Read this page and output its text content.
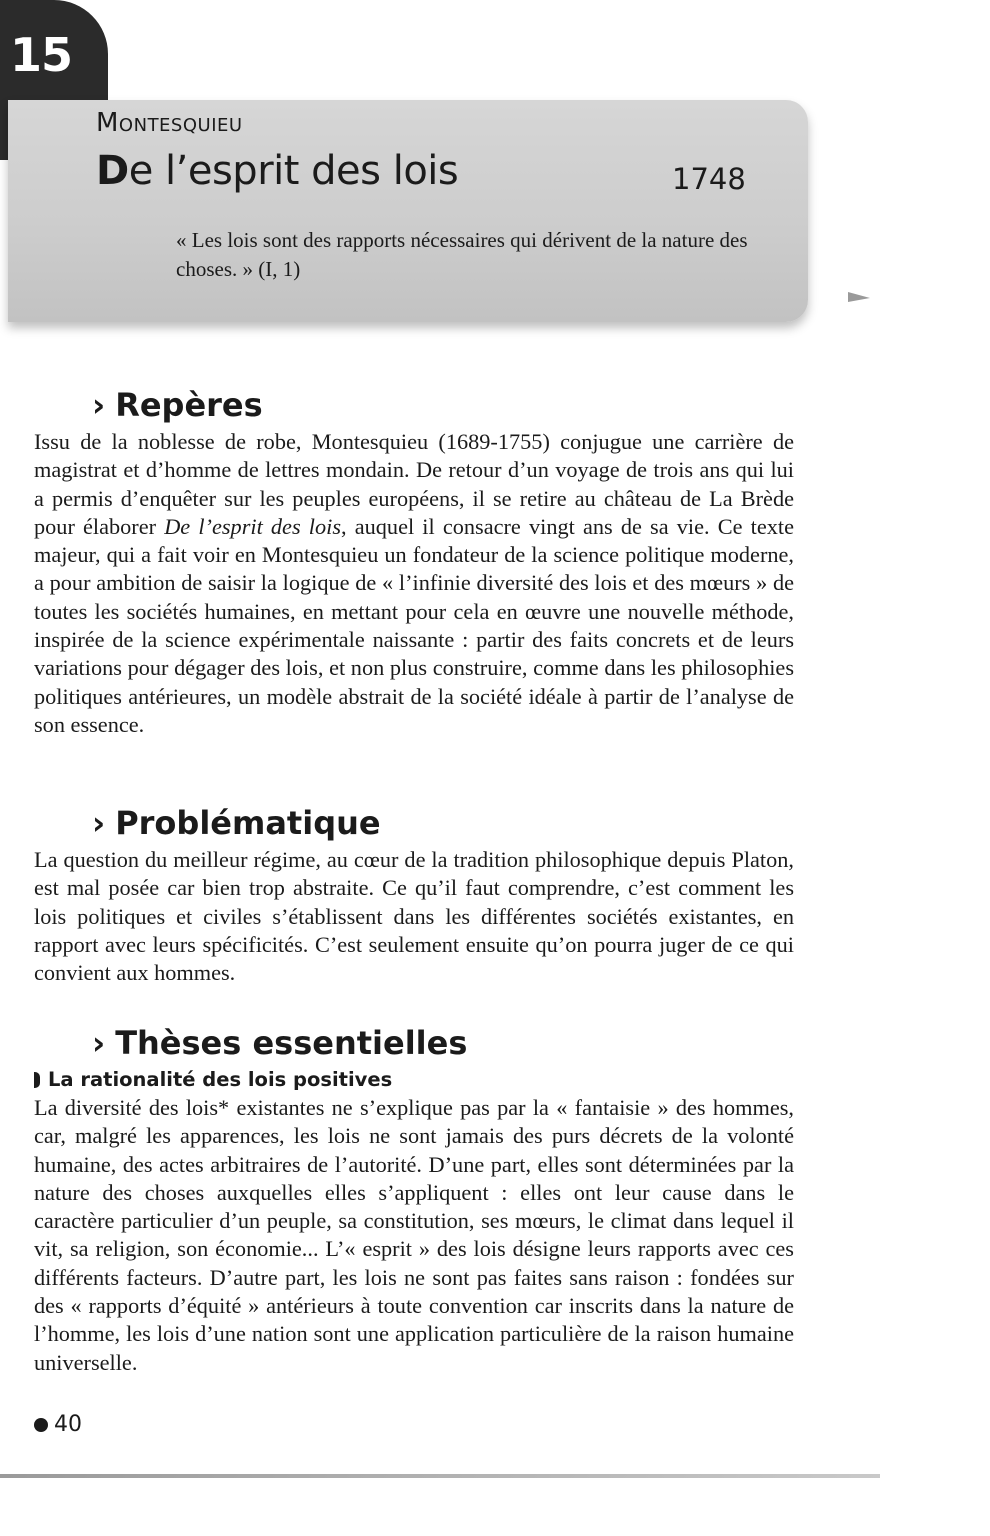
15
Montesquieu
De l’esprit des lois	1748
« Les lois sont des rapports nécessaires qui dérivent de la nature des choses. » (I, 1)
› Repères

Issu de la noblesse de robe, Montesquieu (1689-1755) conjugue une carrière de magistrat et d’homme de lettres mondain. De retour d’un voyage de trois ans qui lui a permis d’enquêter sur les peuples européens, il se retire au château de La Brède pour élaborer De l’esprit des lois, auquel il consacre vingt ans de sa vie. Ce texte majeur, qui a fait voir en Montesquieu un fondateur de la science politique moderne, a pour ambition de saisir la logique de « l’infinie diversité des lois et des mœurs » de toutes les sociétés humaines, en mettant pour cela en œuvre une nouvelle méthode, inspirée de la science expérimentale naissante : partir des faits concrets et de leurs variations pour dégager des lois, et non plus construire, comme dans les philosophies politiques antérieures, un modèle abstrait de la société idéale à partir de l’analyse de son essence.

› Problématique

La question du meilleur régime, au cœur de la tradition philosophique depuis Platon, est mal posée car bien trop abstraite. Ce qu’il faut comprendre, c’est comment les lois politiques et civiles s’établissent dans les différentes sociétés existantes, en rapport avec leurs spécificités. C’est seulement ensuite qu’on pourra juger de ce qui convient aux hommes.

› Thèses essentielles
La rationalité des lois positives

La diversité des lois* existantes ne s’explique pas par la « fantaisie » des hommes, car, malgré les apparences, les lois ne sont jamais des purs décrets de la volonté humaine, des actes arbitraires de l’autorité. D’une part, elles sont déterminées par la nature des choses auxquelles elles s’appliquent : elles ont leur cause dans le caractère particulier d’un peuple, sa constitution, ses mœurs, le climat dans lequel il vit, sa religion, son économie... L’« esprit » des lois désigne leurs rapports avec ces différents facteurs. D’autre part, les lois ne sont pas faites sans raison : fondées sur des « rapports d’équité » antérieurs à toute convention car inscrits dans la nature de l’homme, les lois d’une nation sont une application particulière de la raison humaine universelle.

40
